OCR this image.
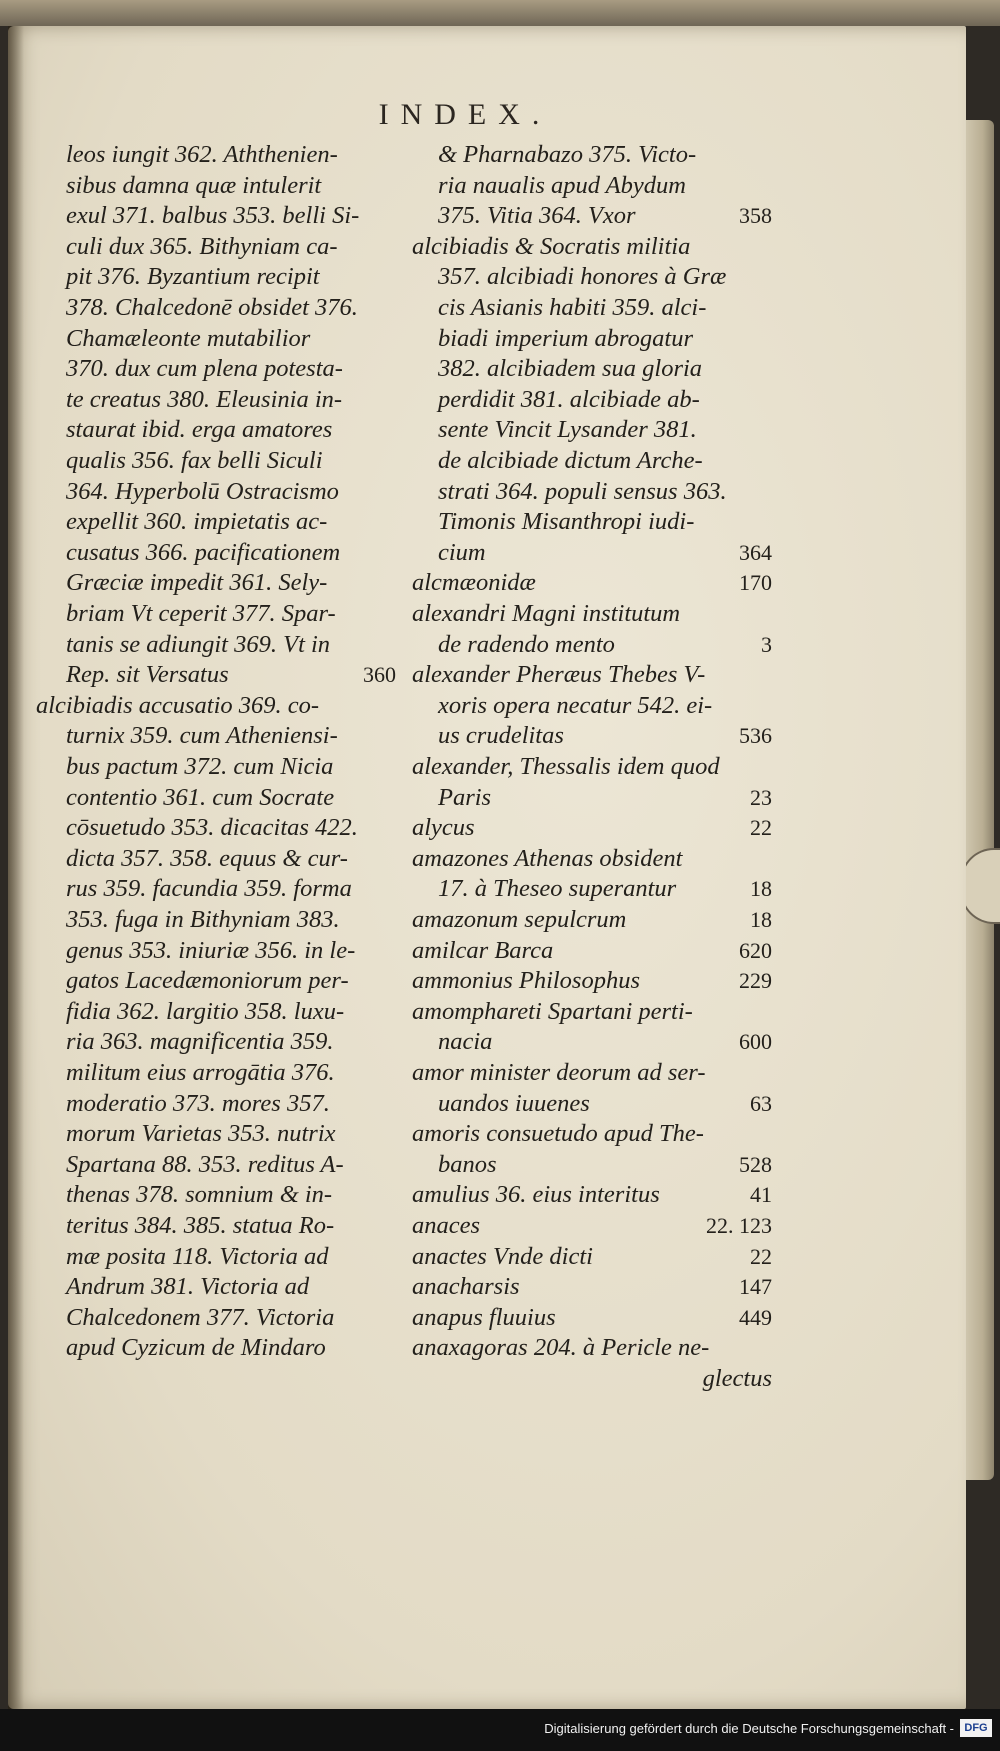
INDEX.
leos iungit 362. Aththenien-
sibus damna quæ intulerit
exul 371. balbus 353. belli Si-
culi dux 365. Bithyniam ca-
pit 376. Byzantium recipit
378. Chalcedonē obsidet 376.
Chamæleonte mutabilior
370. dux cum plena potesta-
te creatus 380. Eleusinia in-
staurat ibid. erga amatores
qualis 356. fax belli Siculi
364. Hyperbolū Ostracismo
expellit 360. impietatis ac-
cusatus 366. pacificationem
Græciæ impedit 361. Sely-
briam Vt ceperit 377. Spar-
tanis se adiungit 369. Vt in
Rep. sit Versatus	360
alcibiadis accusatio 369. co-
turnix 359. cum Atheniensi-
bus pactum 372. cum Nicia
contentio 361. cum Socrate
cōsuetudo 353. dicacitas 422.
dicta 357. 358. equus & cur-
rus 359. facundia 359. forma
353. fuga in Bithyniam 383.
genus 353. iniuriæ 356. in le-
gatos Lacedæmoniorum per-
fidia 362. largitio 358. luxu-
ria 363. magnificentia 359.
militum eius arrogātia 376.
moderatio 373. mores 357.
morum Varietas 353. nutrix
Spartana 88. 353. reditus A-
thenas 378. somnium & in-
teritus 384. 385. statua Ro-
mæ posita 118. Victoria ad
Andrum 381. Victoria ad
Chalcedonem 377. Victoria
apud Cyzicum de Mindaro
& Pharnabazo 375. Victo-
ria naualis apud Abydum
375. Vitia 364. Vxor	358
alcibiadis & Socratis militia
357. alcibiadi honores à Græ
cis Asianis habiti 359. alci-
biadi imperium abrogatur
382. alcibiadem sua gloria
perdidit 381. alcibiade ab-
sente Vincit Lysander 381.
de alcibiade dictum Arche-
strati 364. populi sensus 363.
Timonis Misanthropi iudi-
cium	364
alcmæonidæ	170
alexandri Magni institutum
de radendo mento	3
alexander Pheræus Thebes V-
xoris opera necatur 542. ei-
us crudelitas	536
alexander, Thessalis idem quod
Paris	23
alycus	22
amazones Athenas obsident
17. à Theseo superantur	18
amazonum sepulcrum	18
amilcar Barca	620
ammonius Philosophus	229
amomphareti Spartani perti-
nacia	600
amor minister deorum ad ser-
uandos iuuenes	63
amoris consuetudo apud The-
banos	528
amulius 36. eius interitus	41
anaces	22. 123
anactes Vnde dicti	22
anacharsis	147
anapus fluuius	449
anaxagoras 204. à Pericle ne-
glectus
Digitalisierung gefördert durch die Deutsche Forschungsgemeinschaft - DFG
